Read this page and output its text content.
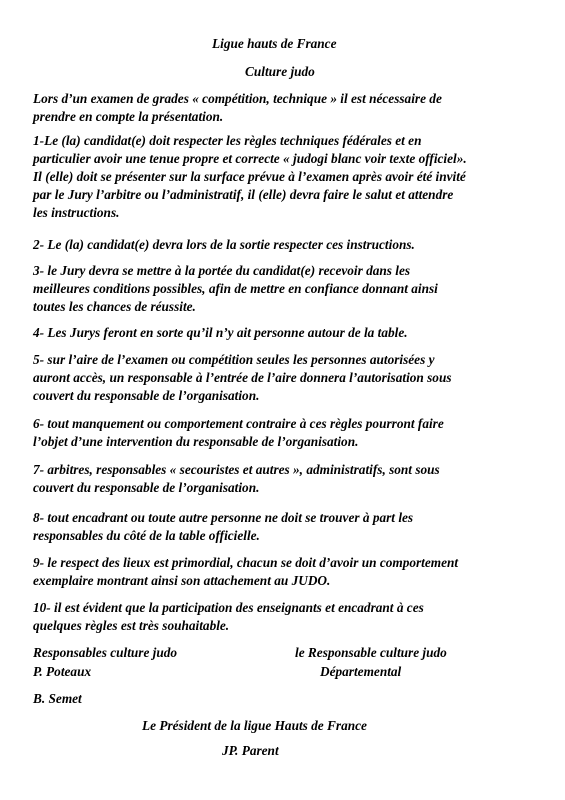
Ligue hauts de France
Culture judo
Lors d’un examen de grades « compétition, technique » il est nécessaire de
prendre en compte la présentation.
1-Le (la) candidat(e) doit respecter les règles techniques fédérales et en
particulier avoir une tenue propre et correcte « judogi blanc voir texte officiel».
Il (elle) doit se présenter sur la surface prévue à l’examen après avoir été invité
par le Jury l’arbitre ou l’administratif, il (elle) devra faire le salut et attendre
les instructions.
2- Le (la) candidat(e) devra lors de la sortie respecter ces instructions.
3- le Jury devra se mettre à la portée du candidat(e) recevoir dans les
meilleures conditions possibles, afin de mettre en confiance donnant ainsi
toutes les chances de réussite.
4- Les Jurys feront en sorte qu’il n’y ait personne autour de la table.
5- sur l’aire de l’examen ou compétition seules les personnes autorisées y
auront accès, un responsable à l’entrée de l’aire donnera l’autorisation sous
couvert du responsable de l’organisation.
6- tout manquement ou comportement contraire à ces règles pourront faire
l’objet d’une intervention du responsable de l’organisation.
7- arbitres, responsables « secouristes et autres », administratifs, sont sous
couvert du responsable de l’organisation.
8- tout encadrant ou toute autre personne ne doit se trouver à part les
responsables du côté de la table officielle.
9- le respect des lieux est primordial, chacun se doit d’avoir un comportement
exemplaire montrant ainsi son attachement au JUDO.
10- il est évident que la participation des enseignants et encadrant à ces
quelques règles est très souhaitable.
Responsables culture judo
P. Poteaux
le Responsable culture judo
Départemental
B. Semet
Le Président de la ligue Hauts de France
JP. Parent
